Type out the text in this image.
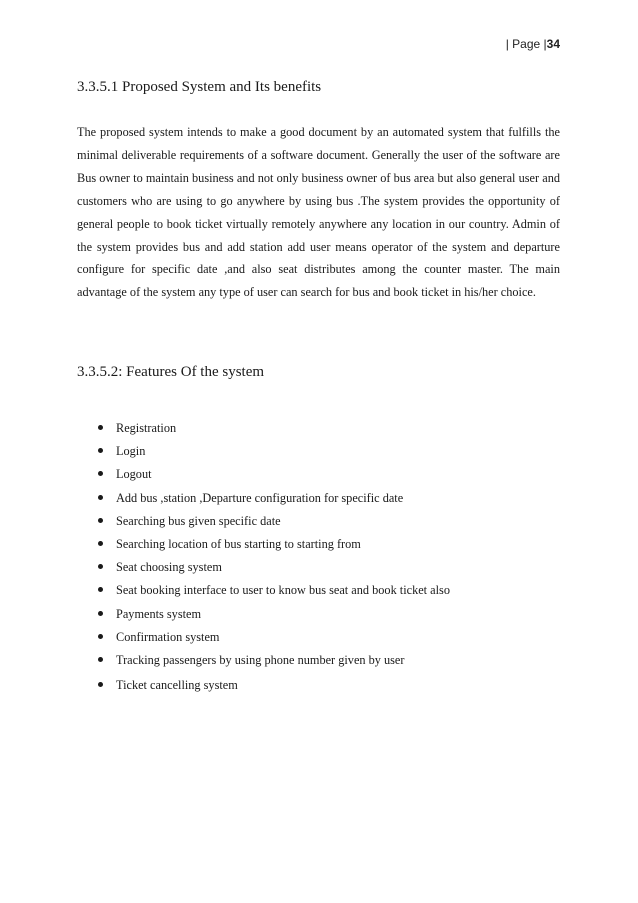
| Page |34
3.3.5.1 Proposed System and Its benefits

The proposed system intends to make a good document by an automated system that fulfills the minimal deliverable requirements of a software document. Generally the user of the software are Bus owner to maintain business and not only business owner of bus area but also general user and customers who are using to go anywhere by using bus .The system provides the opportunity of general people to book ticket virtually remotely anywhere any location in our country. Admin of the system provides bus and add station add user means operator of the system and departure configure for specific date ,and also seat distributes among the counter master. The main advantage of the system any type of user can search for bus and book ticket in his/her choice.

3.3.5.2: Features Of the system
Registration
Login
Logout
Add bus ,station ,Departure configuration for specific date
Searching bus given specific date
Searching location of bus starting to starting from
Seat choosing system
Seat booking interface to user to know bus seat and book ticket also
Payments system
Confirmation system
Tracking passengers by using phone number given by user
Ticket cancelling system
